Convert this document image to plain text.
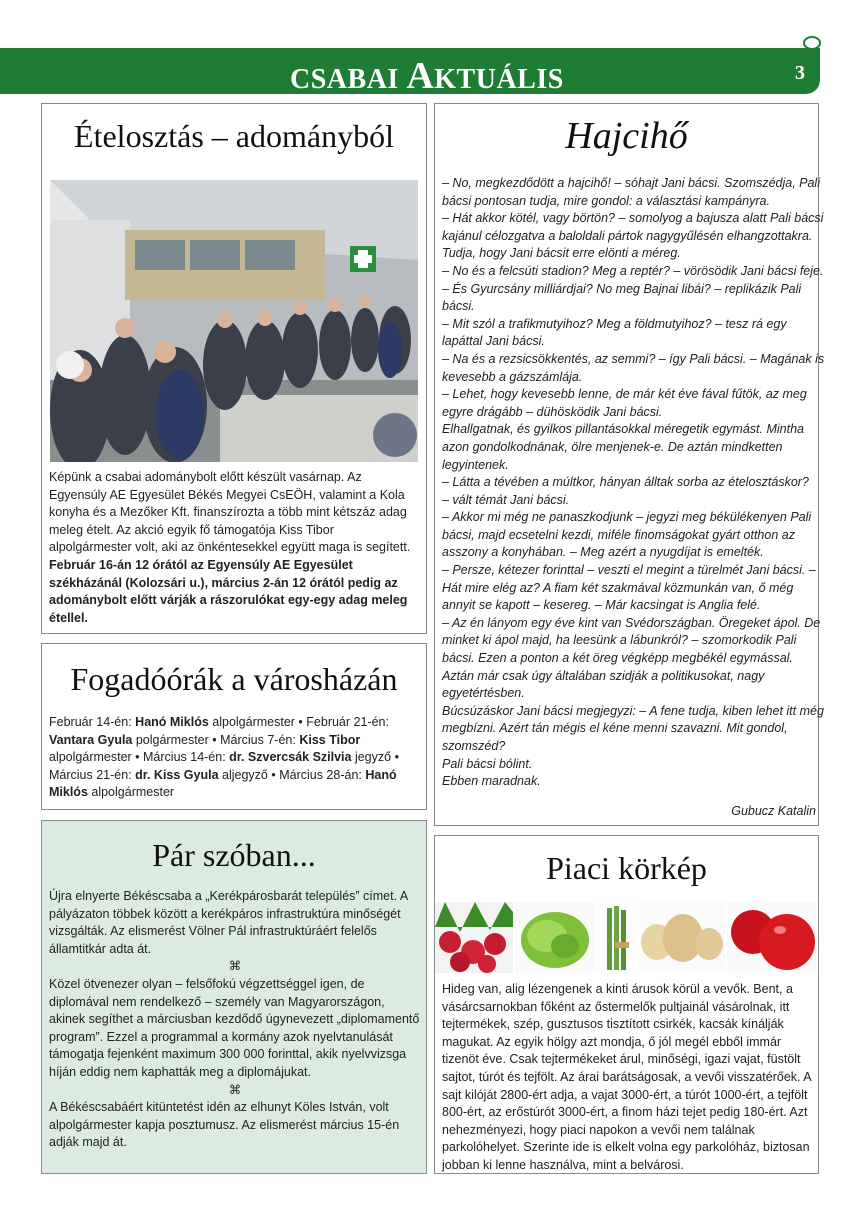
CSABAI AKTUÁLIS	3
Ételosztás – adományból

Képünk a csabai adománybolt előtt készült vasárnap. Az Egyensúly AE Egyesület Békés Megyei CsEÖH, valamint a Kola konyha és a Mezőker Kft. finanszírozta a több mint kétszáz adag meleg ételt. Az akció egyik fő támogatója Kiss Tibor alpolgármester volt, aki az önkéntesekkel együtt maga is segített. Február 16-án 12 órától az Egyensúly AE Egyesület székházánál (Kolozsári u.), március 2-án 12 órától pedig az adománybolt előtt várják a rászorulókat egy-egy adag meleg étellel.

Fogadóórák a városházán

Február 14-én: Hanó Miklós alpolgármester • Február 21-én: Vantara Gyula polgármester • Március 7-én: Kiss Tibor alpolgármester • Március 14-én: dr. Szvercsák Szilvia jegyző • Március 21-én: dr. Kiss Gyula aljegyző • Március 28-án: Hanó Miklós alpolgármester

Pár szóban...

Újra elnyerte Békéscsaba a „Kerékpárosbarát település” címet. A pályázaton többek között a kerékpáros infrastruktúra minőségét vizsgálták. Az elismerést Völner Pál infrastruktúráért felelős államtitkár adta át.

⌘

Közel ötvenezer olyan – felsőfokú végzettséggel igen, de diplomával nem rendelkező – személy van Magyarországon, akinek segíthet a márciusban kezdődő úgynevezett „diplomamentő program”. Ezzel a programmal a kormány azok nyelvtanulását támogatja fejenként maximum 300 000 forinttal, akik nyelvvizsga híján eddig nem kaphatták meg a diplomájukat.

⌘

A Békéscsabáért kitüntetést idén az elhunyt Köles István, volt alpolgármester kapja posztumusz. Az elismerést március 15-én adják majd át.

Hajcihő

– No, megkezdődött a hajcihő! – sóhajt Jani bácsi. Szomszédja, Pali bácsi pontosan tudja, mire gondol: a választási kampányra.

– Hát akkor kötél, vagy börtön? – somolyog a bajusza alatt Pali bácsi kajánul célozgatva a baloldali pártok nagygyűlésén elhangzottakra. Tudja, hogy Jani bácsit erre elönti a méreg.

– No és a felcsúti stadion? Meg a reptér? – vörösödik Jani bácsi feje.

– És Gyurcsány milliárdjai? No meg Bajnai libái? – replikázik Pali bácsi.

– Mit szól a trafikmutyihoz? Meg a földmutyihoz? – tesz rá egy lapáttal Jani bácsi.

– Na és a rezsicsökkentés, az semmi? – így Pali bácsi. – Magának is kevesebb a gázszámlája.

– Lehet, hogy kevesebb lenne, de már két éve fával fűtök, az meg egyre drágább – dühösködik Jani bácsi.

Elhallgatnak, és gyilkos pillantásokkal méregetik egymást. Mintha azon gondolkodnának, ölre menjenek-e. De aztán mindketten legyintenek.

– Látta a tévében a múltkor, hányan álltak sorba az ételosztáskor?

– vált témát Jani bácsi.

– Akkor mi még ne panaszkodjunk – jegyzi meg békülékenyen Pali bácsi, majd ecsetelni kezdi, miféle finomságokat gyárt otthon az asszony a konyhában. – Meg azért a nyugdíjat is emelték.

– Persze, kétezer forinttal – veszti el megint a türelmét Jani bácsi. – Hát mire elég az? A fiam két szakmával közmunkán van, ő még annyit se kapott – kesereg. – Már kacsingat is Anglia felé.

– Az én lányom egy éve kint van Svédországban. Öregeket ápol. De minket ki ápol majd, ha leesünk a lábunkról? – szomorkodik Pali bácsi. Ezen a ponton a két öreg végképp megbékél egymással. Aztán már csak úgy általában szidják a politikusokat, nagy egyetértésben.

Búcsúzáskor Jani bácsi megjegyzi: – A fene tudja, kiben lehet itt még megbízni. Azért tán mégis el kéne menni szavazni. Mit gondol, szomszéd?

Pali bácsi bólint.

Ebben maradnak.

Gubucz Katalin
Piaci körkép
Hideg van, alig lézengenek a kinti árusok körül a vevők. Bent, a vásárcsarnokban főként az őstermelők pultjainál vásárolnak, itt tejtermékek, szép, gusztusos tisztított csirkék, kacsák kínálják magukat. Az egyik hölgy azt mondja, ő jól megél ebből immár tizenöt éve. Csak tejtermékeket árul, minőségi, igazi vajat, füstölt sajtot, túrót és tejfölt. Az árai barátságosak, a vevői visszatérőek. A sajt kilóját 2800-ért adja, a vajat 3000-ért, a túrót 1000-ért, a tejfölt 800-ért, az erőstúrót 3000-ért, a finom házi tejet pedig 180-ért. Azt nehezményezi, hogy piaci napokon a vevői nem találnak parkolóhelyet. Szerinte ide is elkelt volna egy parkolóház, biztosan jobban ki lenne használva, mint a belvárosi.
